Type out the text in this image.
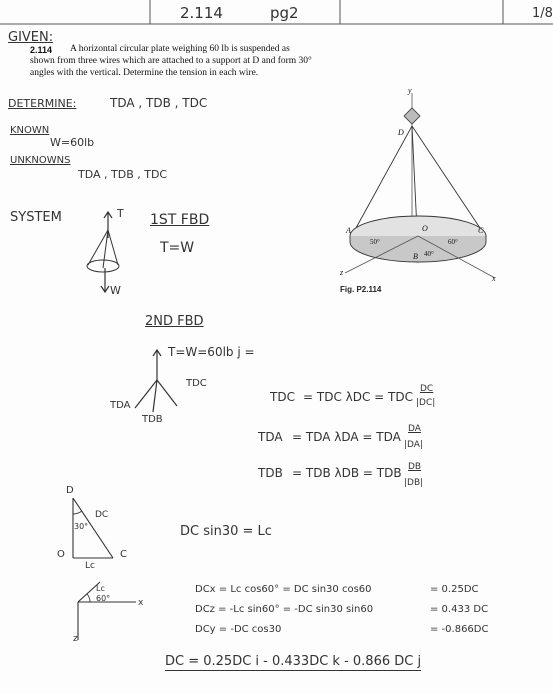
2.114	pg2	1/8
GIVEN:
2.114 A horizontal circular plate weighing 60 lb is suspended as
shown from three wires which are attached to a support at D and form 30°
angles with the vertical. Determine the tension in each wire.
DETERMINE:	TDA , TDB , TDC
KNOWN
W=60lb
UNKNOWNS
TDA , TDB , TDC
SYSTEM	T
W
1ST FBD
T=W
y
D
A	C
O
B
50°
40°
60°
z
x
Fig. P2.114
2ND FBD
T=W=60lb j =
TDC
TDA
TDB
TDC = TDC λDC = TDC
DC
|DC|
TDA = TDA λDA = TDA
DA
|DA|
TDB = TDB λDB = TDB DB
|DB|
D
O	C
DC
30°
Lc
DC sin30 = Lc
Lc
60°	x
z
DCx = Lc cos60° = DC sin30 cos60	= 0.25DC
DCz = -Lc sin60° = -DC sin30 sin60	= 0.433 DC
DCy = -DC cos30	= -0.866DC
DC = 0.25DC i - 0.433DC k - 0.866 DC j
